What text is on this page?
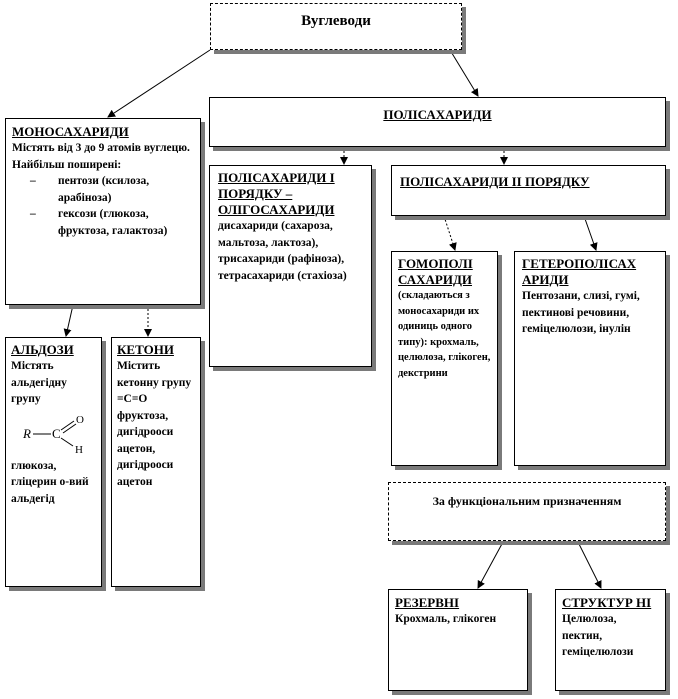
Вуглеводи
МОНОСАХАРИДИ
Містять від 3 до 9 атомів вуглецю. Найбільш поширені:
– пентози (ксилоза, арабіноза)
– гексози (глюкоза, фруктоза, галактоза)
АЛЬДОЗИ
Містять альдегідну групу
R C
O
H
глюкоза, гліцерин о-вий альдегід
КЕТОНИ
Містить кетонну групу =С=О фруктоза, дигідрооси ацетон, дигідрооси ацетон
ПОЛІСАХАРИДИ
ПОЛІСАХАРИДИ І ПОРЯДКУ – ОЛІГОСАХАРИДИ
дисахариди (сахароза, мальтоза, лактоза), трисахариди (рафіноза), тетрасахариди (стахіоза)
ПОЛІСАХАРИДИ ІІ ПОРЯДКУ
ГОМОПОЛІ САХАРИДИ
(складаються з моносахариди их одиниць одного типу): крохмаль, целюлоза, глікоген, декстрини
ГЕТЕРОПОЛІСАХ АРИДИ
Пентозани, слизі, гумі, пектинові речовини, геміцелюлози, інулін
За функціональним призначенням
РЕЗЕРВНІ
Крохмаль, глікоген
СТРУКТУР НІ
Целюлоза, пектин, геміцелюлози
